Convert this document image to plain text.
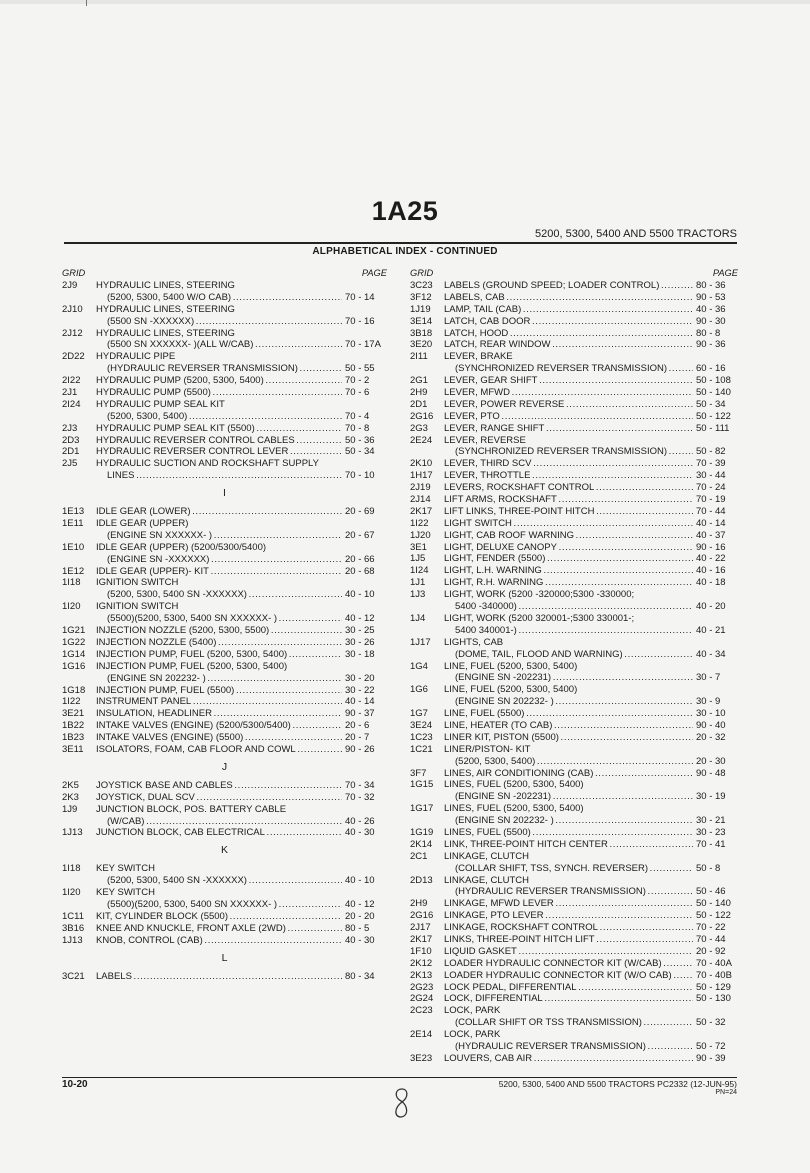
1A25
5200, 5300, 5400 AND 5500 TRACTORS
ALPHABETICAL INDEX - CONTINUED
GRID	PAGE
2J9	HYDRAULIC LINES, STEERING
(5200, 5300, 5400 W/O CAB) . . .	70 - 14
2J10	HYDRAULIC LINES, STEERING
(5500 SN -XXXXXX) . . .	70 - 16
2J12	HYDRAULIC LINES, STEERING
(5500 SN XXXXXX- )(ALL W/CAB) . . .	70 - 17A
2D22	HYDRAULIC PIPE
(HYDRAULIC REVERSER TRANSMISSION) . . .	50 - 55
2I22	HYDRAULIC PUMP (5200, 5300, 5400) . . .	70 - 2
2J1	HYDRAULIC PUMP (5500) . . .	70 - 6
2I24	HYDRAULIC PUMP SEAL KIT
(5200, 5300, 5400) . . .	70 - 4
2J3	HYDRAULIC PUMP SEAL KIT (5500) . . .	70 - 8
2D3	HYDRAULIC REVERSER CONTROL CABLES . . .	50 - 36
2D1	HYDRAULIC REVERSER CONTROL LEVER . . .	50 - 34
2J5	HYDRAULIC SUCTION AND ROCKSHAFT SUPPLY
LINES . . .	70 - 10
I
1E13	IDLE GEAR (LOWER) . . .	20 - 69
1E11	IDLE GEAR (UPPER)
(ENGINE SN XXXXXX- ) . . .	20 - 67
1E10	IDLE GEAR (UPPER) (5200/5300/5400)
(ENGINE SN -XXXXXX) . . .	20 - 66
1E12	IDLE GEAR (UPPER)- KIT . . .	20 - 68
1I18	IGNITION SWITCH
(5200, 5300, 5400 SN -XXXXXX) . . .	40 - 10
1I20	IGNITION SWITCH
(5500)(5200, 5300, 5400 SN XXXXXX- ) . . .	40 - 12
1G21	INJECTION NOZZLE (5200, 5300, 5500) . . .	30 - 25
1G22	INJECTION NOZZLE (5400) . . .	30 - 26
1G14	INJECTION PUMP, FUEL (5200, 5300, 5400) . . .	30 - 18
1G16	INJECTION PUMP, FUEL (5200, 5300, 5400)
(ENGINE SN 202232- ) . . .	30 - 20
1G18	INJECTION PUMP, FUEL (5500) . . .	30 - 22
1I22	INSTRUMENT PANEL . . .	40 - 14
3E21	INSULATION, HEADLINER . . .	90 - 37
1B22	INTAKE VALVES (ENGINE) (5200/5300/5400) . . .	20 - 6
1B23	INTAKE VALVES (ENGINE) (5500) . . .	20 - 7
3E11	ISOLATORS, FOAM, CAB FLOOR AND COWL . . .	90 - 26
J
2K5	JOYSTICK BASE AND CABLES . . .	70 - 34
2K3	JOYSTICK, DUAL SCV . . .	70 - 32
1J9	JUNCTION BLOCK, POS. BATTERY CABLE
(W/CAB) . . .	40 - 26
1J13	JUNCTION BLOCK, CAB ELECTRICAL . . .	40 - 30
K
1I18	KEY SWITCH
(5200, 5300, 5400 SN -XXXXXX) . . .	40 - 10
1I20	KEY SWITCH
(5500)(5200, 5300, 5400 SN XXXXXX- ) . . .	40 - 12
1C11	KIT, CYLINDER BLOCK (5500) . . .	20 - 20
3B16	KNEE AND KNUCKLE, FRONT AXLE (2WD) . . .	80 - 5
1J13	KNOB, CONTROL (CAB) . . .	40 - 30
L
3C21	LABELS . . .	80 - 34
GRID	PAGE
3C23	LABELS (GROUND SPEED; LOADER CONTROL) . . .	80 - 36
3F12	LABELS, CAB . . .	90 - 53
1J19	LAMP, TAIL (CAB) . . .	40 - 36
3E14	LATCH, CAB DOOR . . .	90 - 30
3B18	LATCH, HOOD . . .	80 - 8
3E20	LATCH, REAR WINDOW . . .	90 - 36
2I11	LEVER, BRAKE
(SYNCHRONIZED REVERSER TRANSMISSION) . . .	60 - 16
2G1	LEVER, GEAR SHIFT . . .	50 - 108
2H9	LEVER, MFWD . . .	50 - 140
2D1	LEVER, POWER REVERSE . . .	50 - 34
2G16	LEVER, PTO . . .	50 - 122
2G3	LEVER, RANGE SHIFT . . .	50 - 111
2E24	LEVER, REVERSE
(SYNCHRONIZED REVERSER TRANSMISSION) . . .	50 - 82
2K10	LEVER, THIRD SCV . . .	70 - 39
1H17	LEVER, THROTTLE . . .	30 - 44
2J19	LEVERS, ROCKSHAFT CONTROL . . .	70 - 24
2J14	LIFT ARMS, ROCKSHAFT . . .	70 - 19
2K17	LIFT LINKS, THREE-POINT HITCH . . .	70 - 44
1I22	LIGHT SWITCH . . .	40 - 14
1J20	LIGHT, CAB ROOF WARNING . . .	40 - 37
3E1	LIGHT, DELUXE CANOPY . . .	90 - 16
1J5	LIGHT, FENDER (5500) . . .	40 - 22
1I24	LIGHT, L.H. WARNING . . .	40 - 16
1J1	LIGHT, R.H. WARNING . . .	40 - 18
1J3	LIGHT, WORK (5200 -320000;5300 -330000;
5400 -340000) . . .	40 - 20
1J4	LIGHT, WORK (5200 320001-;5300 330001-;
5400 340001-) . . .	40 - 21
1J17	LIGHTS, CAB
(DOME, TAIL, FLOOD AND WARNING) . . .	40 - 34
1G4	LINE, FUEL (5200, 5300, 5400)
(ENGINE SN -202231) . . .	30 - 7
1G6	LINE, FUEL (5200, 5300, 5400)
(ENGINE SN 202232- ) . . .	30 - 9
1G7	LINE, FUEL (5500) . . .	30 - 10
3E24	LINE, HEATER (TO CAB) . . .	90 - 40
1C23	LINER KIT, PISTON (5500) . . .	20 - 32
1C21	LINER/PISTON- KIT
(5200, 5300, 5400) . . .	20 - 30
3F7	LINES, AIR CONDITIONING (CAB) . . .	90 - 48
1G15	LINES, FUEL (5200, 5300, 5400)
(ENGINE SN -202231) . . .	30 - 19
1G17	LINES, FUEL (5200, 5300, 5400)
(ENGINE SN 202232- ) . . .	30 - 21
1G19	LINES, FUEL (5500) . . .	30 - 23
2K14	LINK, THREE-POINT HITCH CENTER . . .	70 - 41
2C1	LINKAGE, CLUTCH
(COLLAR SHIFT, TSS, SYNCH. REVERSER) . . .	50 - 8
2D13	LINKAGE, CLUTCH
(HYDRAULIC REVERSER TRANSMISSION) . . .	50 - 46
2H9	LINKAGE, MFWD LEVER . . .	50 - 140
2G16	LINKAGE, PTO LEVER . . .	50 - 122
2J17	LINKAGE, ROCKSHAFT CONTROL . . .	70 - 22
2K17	LINKS, THREE-POINT HITCH LIFT . . .	70 - 44
1F10	LIQUID GASKET . . .	20 - 92
2K12	LOADER HYDRAULIC CONNECTOR KIT (W/CAB) . . .	70 - 40A
2K13	LOADER HYDRAULIC CONNECTOR KIT (W/O CAB) . . .	70 - 40B
2G23	LOCK PEDAL, DIFFERENTIAL . . .	50 - 129
2G24	LOCK, DIFFERENTIAL . . .	50 - 130
2C23	LOCK, PARK
(COLLAR SHIFT OR TSS TRANSMISSION) . . .	50 - 32
2E14	LOCK, PARK
(HYDRAULIC REVERSER TRANSMISSION) . . .	50 - 72
3E23	LOUVERS, CAB AIR . . .	90 - 39
10-20	5200, 5300, 5400 AND 5500 TRACTORS PC2332 (12-JUN-95)
PN=24
